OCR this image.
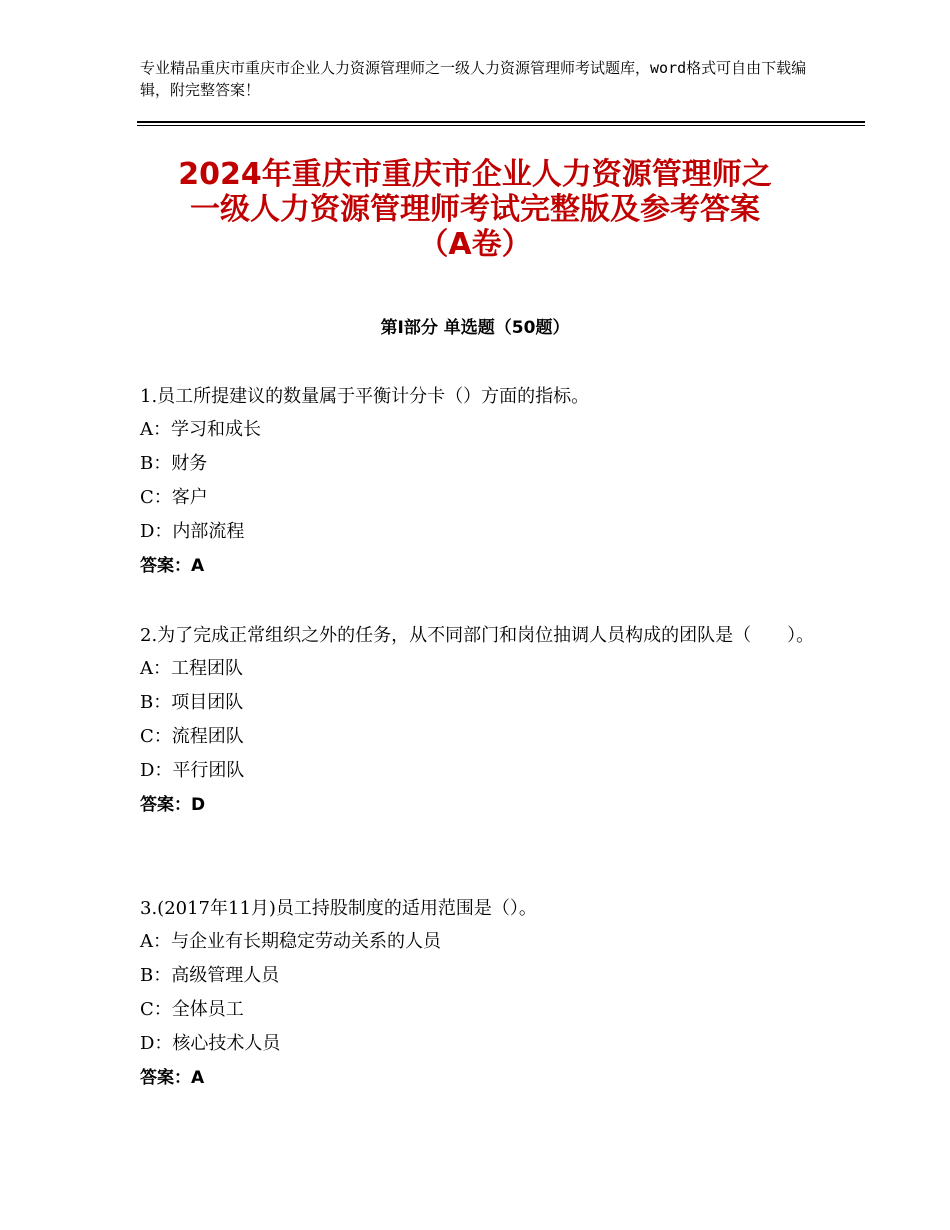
专业精品重庆市重庆市企业人力资源管理师之一级人力资源管理师考试题库，word格式可自由下载编辑，附完整答案！
2024年重庆市重庆市企业人力资源管理师之
一级人力资源管理师考试完整版及参考答案
（A卷）
第Ⅰ部分 单选题（50题）

1.员工所提建议的数量属于平衡计分卡（）方面的指标。

A：学习和成长

B：财务

C：客户

D：内部流程

答案：A

2.为了完成正常组织之外的任务，从不同部门和岗位抽调人员构成的团队是（　　）。

A：工程团队

B：项目团队

C：流程团队

D：平行团队

答案：D

3.(2017年11月)员工持股制度的适用范围是（）。

A：与企业有长期稳定劳动关系的人员

B：高级管理人员

C：全体员工

D：核心技术人员

答案：A
